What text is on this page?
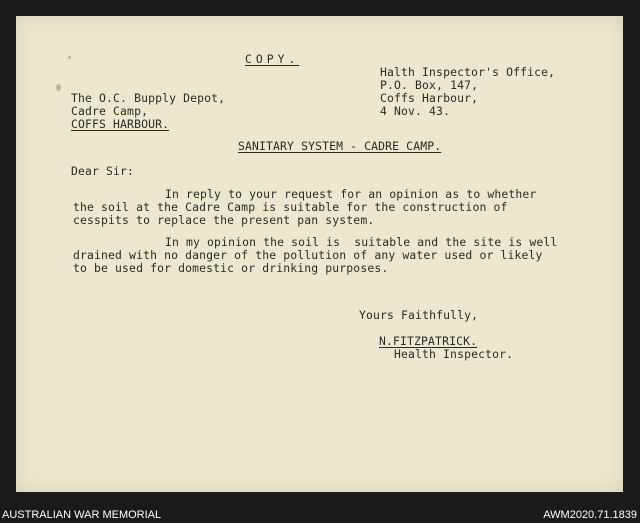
COPY.
Halth Inspector's Office,
P.O. Box, 147,
Coffs Harbour,
4 Nov. 43.
The O.C. Bupply Depot,
Cadre Camp,
COFFS HARBOUR.
SANITARY SYSTEM - CADRE CAMP.
Dear Sir:
In reply to your request for an opinion as to whether
the soil at the Cadre Camp is suitable for the construction of
cesspits to replace the present pan system.
In my opinion the soil is  suitable and the site is well
drained with no danger of the pollution of any water used or likely
to be used for domestic or drinking purposes.
Yours Faithfully,
N.FITZPATRICK.
Health Inspector.
AUSTRALIAN WAR MEMORIAL	AWM2020.71.1839
